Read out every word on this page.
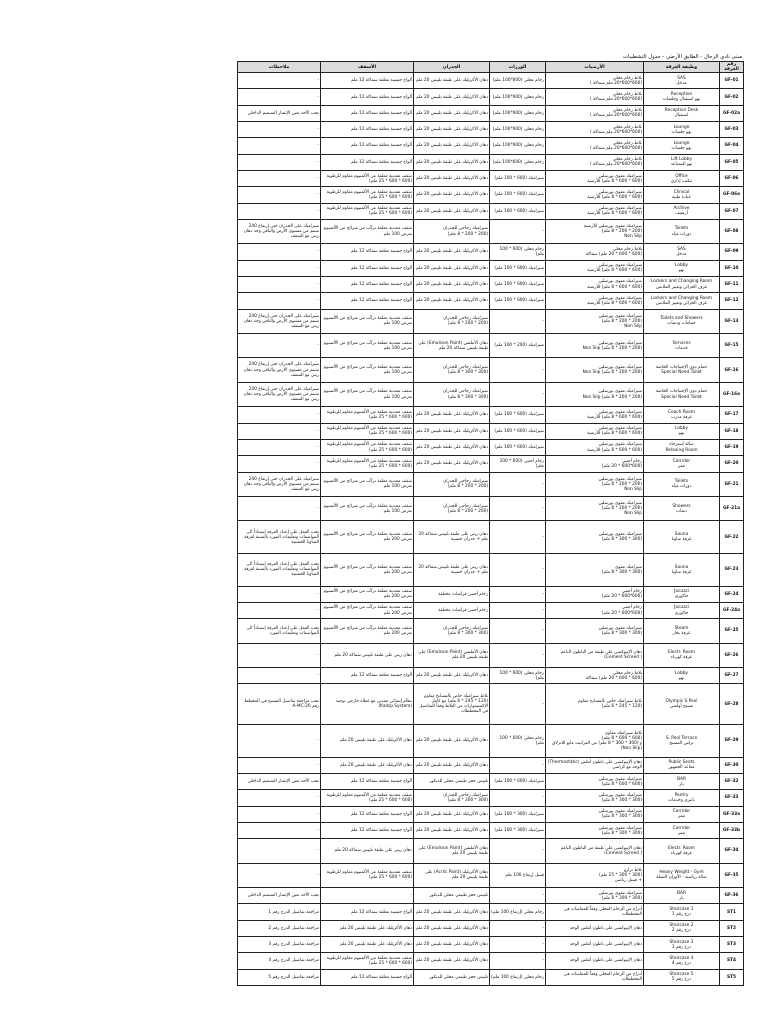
مبنى نادي الرجال - الطابق الأرضي - جدول التشطيبات
رقم الغرفة	وظيفة الغرفة	الأرضيات	الوزرات	الجدران	الأسقف	ملاحظات
GF-01	SAS
مدخل	بلاط رخام محلي
(600*600*20 ملم سماكة )	رخام محلي (600*100 ملم)	دهان الأكريليك على طبقة تلييس 20 ملم	ألواح جبسية معلقة سماكة 12 ملم	-
GF-02	Reception
بهو استقبال وجلسات	بلاط رخام محلي
(600*600*20 ملم سماكة )	رخام محلي (600*100 ملم)	دهان الأكريليك على طبقة تلييس 20 ملم	ألواح جبسية معلقة سماكة 12 ملم	-
GF-02a	Reception Desk
استقبال	بلاط رخام محلي
(600*600*20 ملم سماكة )	رخام محلي (600*100 ملم)	دهان الأكريليك على طبقة تلييس 20 ملم	ألواح جبسية معلقة سماكة 12 ملم	يجب الأخذ بعين الإعتبار التصميم الداخلي
GF-03	Lounge
بهو جلسات	بلاط رخام محلي
(600*600*20 ملم سماكة )	رخام محلي (600*100 ملم)	دهان الأكريليك على طبقة تلييس 20 ملم	ألواح جبسية معلقة سماكة 12 ملم	-
GF-04	Lounge
بهو جلسات	بلاط رخام محلي
(600*600*20 ملم سماكة )	رخام محلي (600*100 ملم)	دهان الأكريليك على طبقة تلييس 20 ملم	ألواح جبسية معلقة سماكة 12 ملم	-
GF-05	Lift Lobby
بهو المصاعد	بلاط رخام محلي
(600*600*20 ملم سماكة )	رخام محلي (600*100 ملم)	دهان الأكريليك على طبقة تلييس 20 ملم	ألواح جبسية معلقة سماكة 12 ملم	-
GF-06	Office
مكتب إداري	سيراميك مقوى بورسلين
(600 * 600 * 8 ملم) للأرضية	سيراميك (600 * 100 ملم)	دهان الأكريليك على طبقة تلييس 20 ملم	سقف معدنية معلقة من الألمنيوم مقاوم للرطوبة (600 * 600 * 25 ملم)	-
GF-06a	Clinical
عيادة طبية	سيراميك مقوى بورسلين
(600 * 600 * 8 ملم) للأرضية	سيراميك (600 * 100 ملم)	دهان الأكريليك على طبقة تلييس 20 ملم	سقف معدنية معلقة من الألمنيوم مقاوم للرطوبة (600 * 600 * 25 ملم)	-
GF-07	Archive
أرشيف	سيراميك مقوى بورسلين
(600 * 600 * 8 ملم) للأرضية	سيراميك (600 * 100 ملم)	دهان الأكريليك على طبقة تلييس 20 ملم	سقف معدنية معلقة من الألمنيوم مقاوم للرطوبة (600 * 600 * 25 ملم)	-
GF-08	Toilets
دورات مياه	سيراميك مقوى بورسلين للأرضية
(200 * 200 * 8 ملم)
Non Slip	-	سيراميك زجاجي للجدران
(200 * 200 * 8 ملم)	سقف معدنية معلقة تركّب من شرائح من الألمنيوم بعرض 100 ملم	سيراميك على الجدران حتى إرتفاع 240 سنتم من مستوى الأرض والباقي وجه دهان زيتي مع السقف
GF-09	SAS
مدخل	بلاط رخام محلي
(600 * 600 * 20 ملم) سماكة	رخام محلي (600 * 100 ملم)	دهان الأكريليك على طبقة تلييس 20 ملم	ألواح جبسية معلقة سماكة 12 ملم	-
GF-10	Lobby
بهو	سيراميك مقوى بورسلين
(600 * 600 * 8 ملم) للأرضية	سيراميك (600 * 100 ملم)	دهان الأكريليك على طبقة تلييس 20 ملم	ألواح جبسية معلقة سماكة 12 ملم	-
GF-11	Lockers and Changing Room
غرف الخزائن وتغيير الملابس	سيراميك مقوى بورسلين
(600 * 600 * 8 ملم) للأرضية	سيراميك (600 * 100 ملم)	دهان الأكريليك على طبقة تلييس 20 ملم	ألواح جبسية معلقة سماكة 12 ملم	-
GF-12	Lockers and Changing Room
غرف الخزائن وتغيير الملابس	سيراميك مقوى بورسلين
(600 * 600 * 8 ملم) للأرضية	سيراميك (600 * 100 ملم)	دهان الأكريليك على طبقة تلييس 20 ملم	ألواح جبسية معلقة سماكة 12 ملم	-
GF-13	Toilets and Showers
حمامات ودشات	سيراميك مقوى بورسلين
(200 * 200 * 8 ملم)
Non Slip	-	سيراميك زجاجي للجدران
(200 * 200 * 8 ملم)	سقف معدنية معلقة تركّب من شرائح من الألمنيوم بعرض 100 ملم	سيراميك على الجدران حتى إرتفاع 240 سنتم من مستوى الأرض والباقي وجه دهان زيتي مع السقف
GF-15	Services
خدمات	سيراميك مقوى بورسلين
(200 * 200 * 8 ملم) Non Slip	سيراميك (200 * 100 ملم)	دهان الأملشن (Emulsion Paint) على طبقة تلييس سماكة 20 ملم	سقف معدنية معلقة تركّب من شرائح من الألمنيوم بعرض 100 ملم	-
GF-16	حمام ذوي الإحتياجات الخاصة
Special Need Toilet	سيراميك مقوى بورسلين
(200 * 200 * 8 ملم) Non Slip	-	سيراميك زجاجي للجدران
(300 * 300 * 8 ملم)	سقف معدنية معلقة تركّب من شرائح من الألمنيوم بعرض 100 ملم	سيراميك على الجدران حتى إرتفاع 240 سنتم من مستوى الأرض والباقي وجه دهان زيتي مع السقف
GF-16a	حمام ذوي الإحتياجات الخاصة
Special Need Toilet	سيراميك مقوى بورسلين
(200 * 200 * 8 ملم) Non Slip	-	سيراميك زجاجي للجدران
(300 * 300 * 8 ملم)	سقف معدنية معلقة تركّب من شرائح من الألمنيوم بعرض 100 ملم	سيراميك على الجدران حتى إرتفاع 240 سنتم من مستوى الأرض والباقي وجه دهان زيتي مع السقف
GF-17	Coach Room
غرفة مدرب	سيراميك مقوى بورسلين
(600 * 600 * 8 ملم) للأرضية	سيراميك (600 * 100 ملم)	دهان الأكريليك على طبقة تلييس 20 ملم	سقف معدنية معلقة من الألمنيوم مقاوم للرطوبة (600 * 600 * 25 ملم)	-
GF-18	Lobby
بهو	سيراميك مقوى بورسلين
(600 * 600 * 8 ملم) للأرضية	سيراميك (600 * 100 ملم)	دهان الأكريليك على طبقة تلييس 20 ملم	سقف معدنية معلقة من الألمنيوم مقاوم للرطوبة (600 * 600 * 25 ملم)	-
GF-19	صالة إسترخاء
Relaxing Room	سيراميك مقوى بورسلين
(600 * 600 * 8 ملم) للأرضية	سيراميك (600 * 100 ملم)	دهان الأكريليك على طبقة تلييس 20 ملم	سقف معدنية معلقة من الألمنيوم مقاوم للرطوبة (600 * 600 * 25 ملم)	-
GF-20	Corridor
ممر	رخام أجنبي
(600*600 * 20 ملم)	رخام أجنبي (600 * 100 ملم)	دهان الأكريليك على طبقة تلييس 20 ملم	سقف معدنية معلقة من الألمنيوم مقاوم للرطوبة (600 * 600 * 25 ملم)	-
GF-21	Toilets
دورات مياه	سيراميك مقوى بورسلين
(200 * 200 * 8 ملم)
Non Slip	-	سيراميك زجاجي للجدران
(200 * 200 * 8 ملم)	سقف معدنية معلقة تركّب من شرائح من الألمنيوم بعرض 100 ملم	سيراميك على الجدران حتى إرتفاع 240 سنتم من مستوى الأرض والباقي وجه دهان زيتي مع السقف
GF-21a	Showers
دشات	سيراميك مقوى بورسلين
(200 * 200 * 8 ملم)
Non Slip	-	سيراميك زجاجي للجدران
(200 * 200 * 8 ملم)	سقف معدنية معلقة تركّب من شرائح من الألمنيوم بعرض 100 ملم	-
GF-22	Sauna
غرفة ساونا	سيراميك مقوى بورسلين
(300 * 300 * 8 ملم)	-	دهان زيتي على طبقة تلييس سماكة 20 ملم + جدران خشبية	سقف معدنية معلقة تركّب من شرائح من الألمنيوم بعرض 200 ملم	يجب العمل على إعداد الغرفة إستناداً الى المواصفات وتعليمات المورد بالنسبة لغرفة الساونا الخشبية
GF-23	Sauna
غرفة ساونا	سيراميك مقوى
(300 * 300 * 8 ملم)	-	دهان زيتي على طبقة تلييس سماكة 20 ملم + جدران خشبية	سقف معدنية معلقة تركّب من شرائح من الألمنيوم بعرض 200 ملم	يجب العمل على إعداد الغرفة إستناداً الى المواصفات وتعليمات المورد بالنسبة لغرفة الساونا الخشبية
GF-24	Jacuzzi
جاكوزي	رخام أجنبي
(600*600 * 20 ملم)	-	رخام أجنبي فراشات مختلفة	سقف معدنية معلقة تركّب من شرائح من الألمنيوم بعرض 200 ملم	-
GF-24a	Jacuzzi
جاكوزي	رخام أجنبي
(600*600 * 20 ملم)	-	رخام أجنبي فراشات مختلفة	سقف معدنية معلقة تركّب من شرائح من الألمنيوم بعرض 200 ملم	-
GF-25	Steam
غرفة بخار	سيراميك مقوى بورسلين
(300 * 300 * 8 ملم)	-	سيراميك زجاجي للجدران
(300 * 300 * 8 ملم)	سقف معدنية معلقة تركّب من شرائح من الألمنيوم بعرض 200 ملم	يجب العمل على إعداد الغرفة إستناداً الى المواصفات وتعليمات المورد
GF-26	Electr. Room
غرفة كهرباء	دهان الإيبوكسي على طبقة من الباطون الناعم
( Cement Screed)	-	دهان الأملشن (Emulsion Paint) على طبقة تلييس 20 ملم	دهان زيتي على طبقة تلييس سماكة 20 ملم	-
GF-27	Lobby
بهو	بلاط رخام محلي
(600 * 600 * 20 ملم) سماكة	رخام محلي (600 * 100 ملم)	دهان الأكريليك على طبقة تلييس 20 ملم	ألواح جبسية معلقة سماكة 12 ملم	-
GF-28	Olympic S.Pool
مسبح أولمبي	بلاط سيراميك خاص بالمسابح مقاوم
(120 * 245 * 6 ملم)	-	بلاط سيراميك خاص بالمسابح مقاوم (120 * 245 * 6 ملم) مع كامل الإكسسوارات من البلاط وفقاً للتفاصيل في المخططات	نظام إنشائي معدني مع غطاء خارجي توجيه (Kalzip System)	يجب مراجعة تفاصيل المسبح في المخطط رقم A-MC-20
GF-29	S. Pool Terrace
تراس المسبح	بلاط سيراميك مقاوم
(600 * 600 * 8 ملم)
و (300 * 300 * 8 ملم) من الفرانيت مانع للانزلاق (Non Slip)	رخام محلي (600 * 100 ملم)	دهان الأكريليك على طبقة تلييس 20 ملم	دهان الأكريليك على طبقة تلييس 20 ملم	-
GF-30	Public Seats
مقاعد الجمهور	دهان الإيبوكسي على باطون أملس (Thermostatic) الوجه مع كراسي	-	دهان الأكريليك على طبقة تلييس 20 ملم	دهان الأكريليك على طبقة تلييس 20 ملم	-
GF-32	BAR
بار	سيراميك مقوى بورسلين
(600 * 600 * 8 ملم)	سيراميك (600 * 100 ملم)	تلبيس حجر طبيعي محلي للديكور	ألواح جبسية معلقة سماكة 12 ملم	يجب الأخذ بعين الإعتبار التصميم الداخلي
GF-33	Pantry
بانتري وخدمات	سيراميك مقوى بورسلين
(300 * 300 * 8 ملم)	-	سيراميك زجاجي للجدران
(300 * 300 * 8 ملم)	سقف معدنية معلقة من الألمنيوم مقاوم للرطوبة (600 * 600 * 25 ملم)	-
GF-33a	Corridor
ممر	سيراميك مقوى بورسلين
(300 * 300 * 8 ملم)	سيراميك (300 * 100 ملم)	دهان الأكريليك على طبقة تلييس 20 ملم	ألواح جبسية معلقة سماكة 12 ملم	-
GF-33b	Corridor
ممر	سيراميك مقوى بورسلين
(300 * 300 * 8 ملم)	سيراميك (300 * 100 ملم)	دهان الأكريليك على طبقة تلييس 20 ملم	ألواح جبسية معلقة سماكة 12 ملم	-
GF-34	Electr. Room
غرفة كهرباء	دهان الإيبوكسي على طبقة من الباطون الناعم
( Cement Screed)	-	دهان الأملشن (Emulsion Paint) على طبقة تلييس 20 ملم	دهان زيتي على طبقة تلييس سماكة 20 ملم	-
GF-35	Heavy Weight - Gym
صالة رياضية - الأوزان الثقيلة	بلاط ترازو
(300 * 300 * 25 ملم)
+ فينيل رياضي	فينيل إرتفاع 100 ملم	دهان الأكريليك (Acrlic Paint) على طبقة تلييس 20 ملم	سقف معدنية معلقة من الألمنيوم مقاوم للرطوبة (600 * 600 * 25 ملم)	-
GF-36	BAR
بار	سيراميك مقوى بورسلين
(300 * 300 * 8 ملم)	-	تلبيس حجر طبيعي محلي للديكور	-	يجب الأخذ بعين الإعتبار التصميم الداخلي
ST1	Staircase 1
درج رقم 1	أدراج من الرخام المحلي وفقاً للمقاسات في المخططات	رخام محلي (إرتفاع 100 ملم)	دهان الأكريليك على طبقة تلييس 20 ملم	ألواح جبسية معلقة سماكة 12 ملم	مراجعة تفاصيل الدرج رقم 1
ST2	Staircase 2
درج رقم 2	دهان الإيبوكسي على باطون أملس الوجه	-	دهان الأكريليك على طبقة تلييس 20 ملم	دهان الأكريليك على طبقة تلييس 20 ملم	مراجعة تفاصيل الدرج رقم 2
ST3	Staircase 3
درج رقم 3	دهان الإيبوكسي على باطون أملس الوجه	-	دهان الأكريليك على طبقة تلييس 20 ملم	دهان الأكريليك على طبقة تلييس 20 ملم	مراجعة تفاصيل الدرج رقم 3
ST4	Staircase 4
درج رقم 4	دهان الإيبوكسي على باطون أملس الوجه	-	دهان الأكريليك على طبقة تلييس 20 ملم	سقف معدنية معلقة من الألمنيوم مقاوم للرطوبة (600 * 600 * 25 ملم)	مراجعة تفاصيل الدرج رقم 4
ST5	Staircase 5
درج رقم 5	أدراج من الرخام المحلي وفقاً للمقاسات في المخططات	رخام محلي (إرتفاع 100 ملم)	تلبيس حجر طبيعي محلي للديكور	ألواح جبسية معلقة سماكة 12 ملم	مراجعة تفاصيل الدرج رقم 5
